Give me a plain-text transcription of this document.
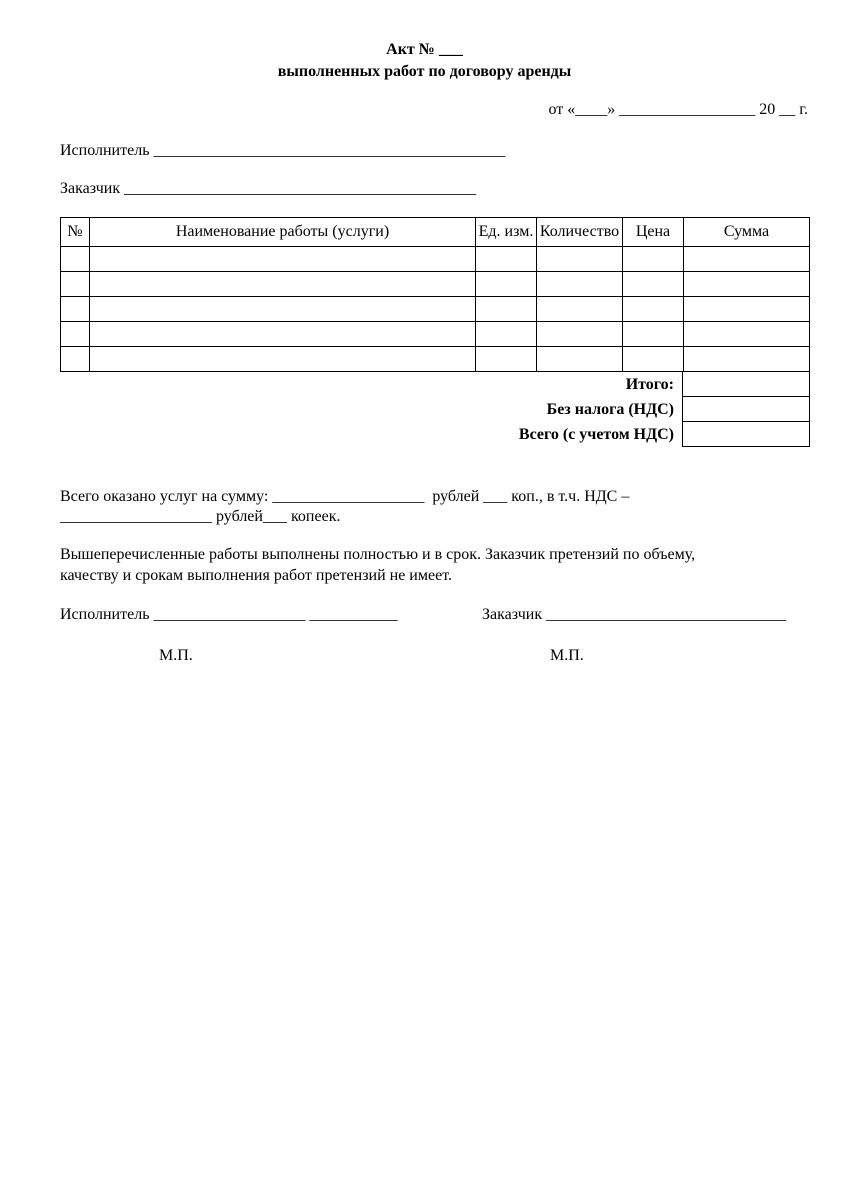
Акт № ___
выполненных работ по договору аренды
от «____» _________________ 20 __ г.
Исполнитель ____________________________________________
Заказчик ____________________________________________
№	Наименование работы (услуги)	Ед. изм.	Количество	Цена	Сумма

Итого:
Без налога (НДС)
Всего (с учетом НДС)
Всего оказано услуг на сумму: ___________________  рублей ___ коп., в т.ч. НДС –
___________________ рублей___ копеек.
Вышеперечисленные работы выполнены полностью и в срок. Заказчик претензий по объему,
качеству и срокам выполнения работ претензий не имеет.
Исполнитель ___________________ ___________	Заказчик ______________________________
М.П.	М.П.
